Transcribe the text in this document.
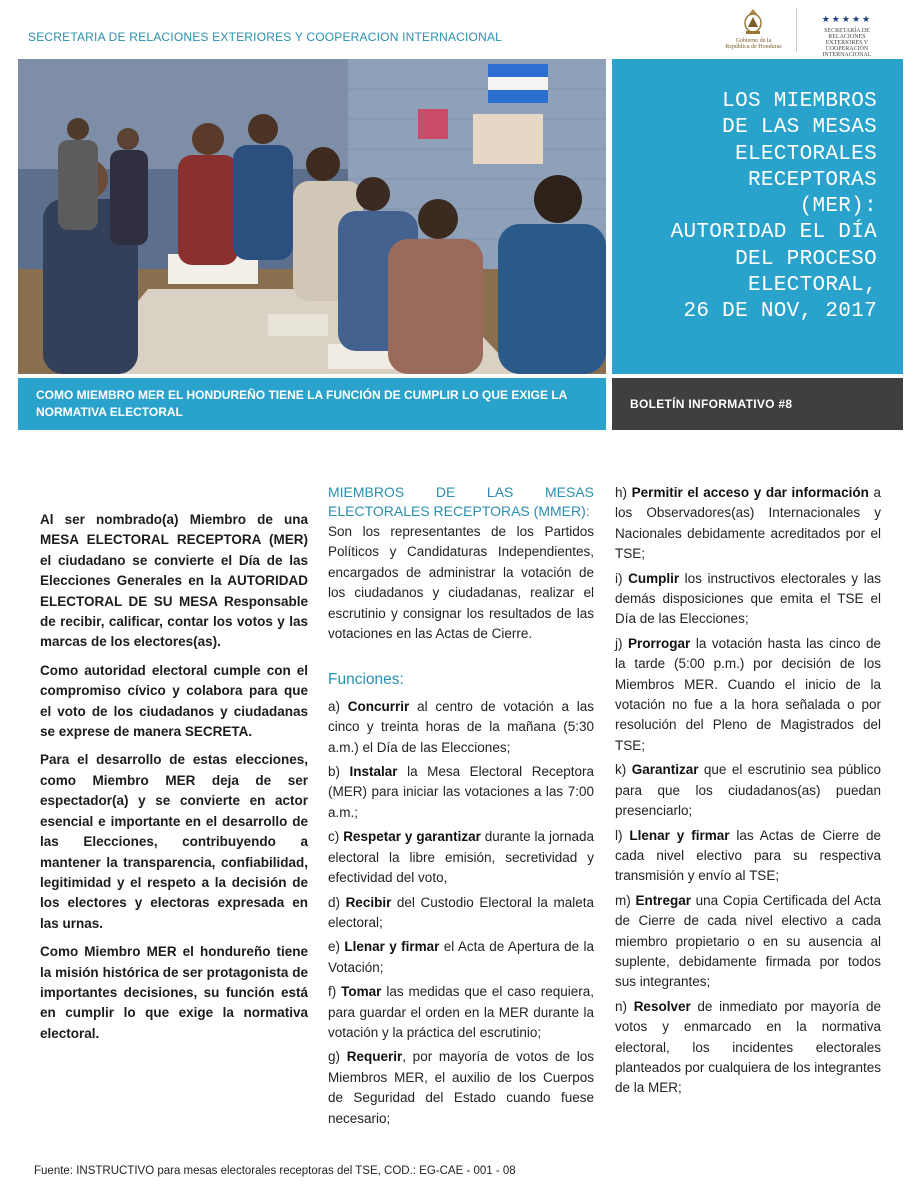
SECRETARIA DE RELACIONES EXTERIORES Y COOPERACION INTERNACIONAL	Gobierno de la
República de Honduras
★★★★★
SECRETARÍA DE RELACIONES
EXTERIORES Y COOPERACIÓN
INTERNACIONAL
LOS MIEMBROS
DE LAS MESAS
ELECTORALES
RECEPTORAS
(MER):
AUTORIDAD EL DÍA
DEL PROCESO
ELECTORAL,
26 DE NOV, 2017
COMO MIEMBRO MER EL HONDUREÑO TIENE LA FUNCIÓN DE CUMPLIR LO QUE EXIGE LA NORMATIVA ELECTORAL
BOLETÍN INFORMATIVO #8

Al ser nombrado(a) Miembro de una MESA ELECTORAL RECEPTORA (MER) el ciudadano se convierte el Día de las Elecciones Generales en la AUTORIDAD ELECTORAL DE SU MESA Responsable de recibir, calificar, contar los votos y las marcas de los electores(as).

Como autoridad electoral cumple con el compromiso cívico y colabora para que el voto de los ciudadanos y ciudadanas se exprese de manera SECRETA.

Para el desarrollo de estas elecciones, como Miembro MER deja de ser espectador(a) y se convierte en actor esencial e importante en el desarrollo de las Elecciones, contribuyendo a mantener la transparencia, confiabilidad, legitimidad y el respeto a la decisión de los electores y electoras expresada en las urnas.

Como Miembro MER el hondureño tiene la misión histórica de ser protagonista de importantes decisiones, su función está en cumplir lo que exige la normativa electoral.

MIEMBROS DE LAS MESAS ELECTORALES RECEPTORAS (MMER):
Son los representantes de los Partidos Políticos y Candidaturas Independientes, encargados de administrar la votación de los ciudadanos y ciudadanas, realizar el escrutinio y consignar los resultados de las votaciones en las Actas de Cierre.
Funciones:
a) Concurrir al centro de votación a las cinco y treinta horas de la mañana (5:30 a.m.) el Día de las Elecciones;
b) Instalar la Mesa Electoral Receptora (MER) para iniciar las votaciones a las 7:00 a.m.;
c) Respetar y garantizar durante la jornada electoral la libre emisión, secretividad y efectividad del voto,
d) Recibir del Custodio Electoral la maleta electoral;
e) Llenar y firmar el Acta de Apertura de la Votación;
f) Tomar las medidas que el caso requiera, para guardar el orden en la MER durante la votación y la práctica del escrutinio;
g) Requerir, por mayoría de votos de los Miembros MER, el auxilio de los Cuerpos de Seguridad del Estado cuando fuese necesario;
h) Permitir el acceso y dar información a los Observadores(as) Internacionales y Nacionales debidamente acreditados por el TSE;
i) Cumplir los instructivos electorales y las demás disposiciones que emita el TSE el Día de las Elecciones;
j) Prorrogar la votación hasta las cinco de la tarde (5:00 p.m.) por decisión de los Miembros MER. Cuando el inicio de la votación no fue a la hora señalada o por resolución del Pleno de Magistrados del TSE;
k) Garantizar que el escrutinio sea público para que los ciudadanos(as) puedan presenciarlo;
l) Llenar y firmar las Actas de Cierre de cada nivel electivo para su respectiva transmisión y envío al TSE;
m) Entregar una Copia Certificada del Acta de Cierre de cada nivel electivo a cada miembro propietario o en su ausencia al suplente, debidamente firmada por todos sus integrantes;
n) Resolver de inmediato por mayoría de votos y enmarcado en la normativa electoral, los incidentes electorales planteados por cualquiera de los integrantes de la MER;
Fuente: INSTRUCTIVO para mesas electorales receptoras del TSE, COD.: EG-CAE - 001 - 08
